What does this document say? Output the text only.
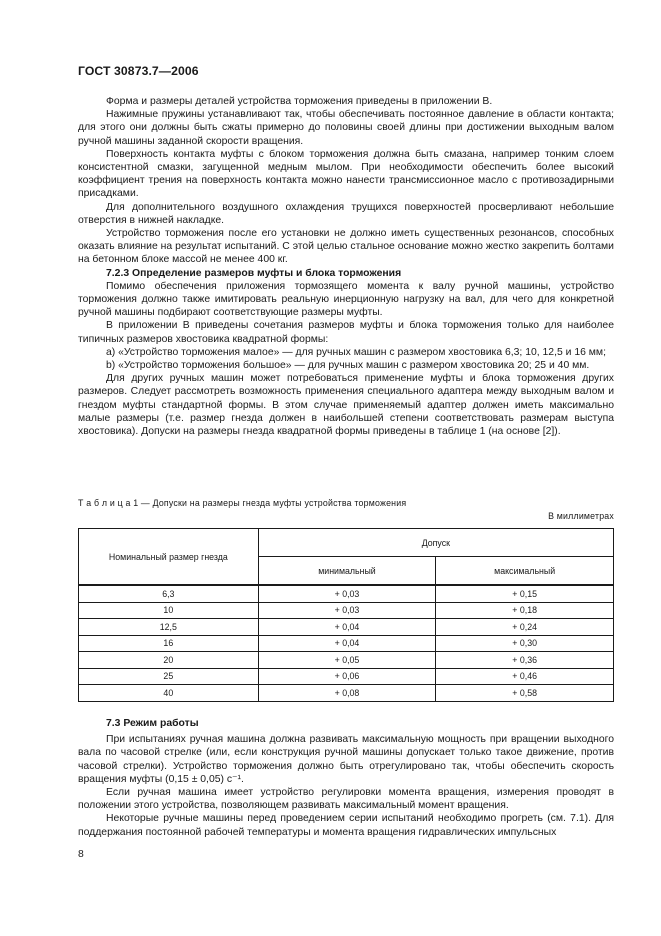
ГОСТ 30873.7—2006

Форма и размеры деталей устройства торможения приведены в приложении В.

Нажимные пружины устанавливают так, чтобы обеспечивать постоянное давление в области контакта; для этого они должны быть сжаты примерно до половины своей длины при достижении выходным валом ручной машины заданной скорости вращения.

Поверхность контакта муфты с блоком торможения должна быть смазана, например тонким слоем консистентной смазки, загущенной медным мылом. При необходимости обеспечить более высокий коэффициент трения на поверхность контакта можно нанести трансмиссионное масло с противозадирными присадками.

Для дополнительного воздушного охлаждения трущихся поверхностей просверливают небольшие отверстия в нижней накладке.

Устройство торможения после его установки не должно иметь существенных резонансов, способных оказать влияние на результат испытаний. С этой целью стальное основание можно жестко закрепить болтами на бетонном блоке массой не менее 400 кг.

7.2.3 Определение размеров муфты и блока торможения

Помимо обеспечения приложения тормозящего момента к валу ручной машины, устройство торможения должно также имитировать реальную инерционную нагрузку на вал, для чего для конкретной ручной машины подбирают соответствующие размеры муфты.

В приложении В приведены сочетания размеров муфты и блока торможения только для наиболее типичных размеров хвостовика квадратной формы:

a) «Устройство торможения малое» — для ручных машин с размером хвостовика 6,3; 10, 12,5 и 16 мм;

b) «Устройство торможения большое» — для ручных машин с размером хвостовика 20; 25 и 40 мм.

Для других ручных машин может потребоваться применение муфты и блока торможения других размеров. Следует рассмотреть возможность применения специального адаптера между выходным валом и гнездом муфты стандартной формы. В этом случае применяемый адаптер должен иметь максимально малые размеры (т.е. размер гнезда должен в наибольшей степени соответствовать размерам выступа хвостовика). Допуски на размеры гнезда квадратной формы приведены в таблице 1 (на основе [2]).

Т а б л и ц а 1 — Допуски на размеры гнезда муфты устройства торможения
В миллиметрах
Номинальный размер гнезда	Допуск	
	минимальный	максимальный
6,3	+ 0,03	+ 0,15
10	+ 0,03	+ 0,18
12,5	+ 0,04	+ 0,24
16	+ 0,04	+ 0,30
20	+ 0,05	+ 0,36
25	+ 0,06	+ 0,46
40	+ 0,08	+ 0,58
7.3 Режим работы

При испытаниях ручная машина должна развивать максимальную мощность при вращении выходного вала по часовой стрелке (или, если конструкция ручной машины допускает только такое движение, против часовой стрелки). Устройство торможения должно быть отрегулировано так, чтобы обеспечить скорость вращения муфты (0,15 ± 0,05) с⁻¹.

Если ручная машина имеет устройство регулировки момента вращения, измерения проводят в положении этого устройства, позволяющем развивать максимальный момент вращения.

Некоторые ручные машины перед проведением серии испытаний необходимо прогреть (см. 7.1). Для поддержания постоянной рабочей температуры и момента вращения гидравлических импульсных

8
